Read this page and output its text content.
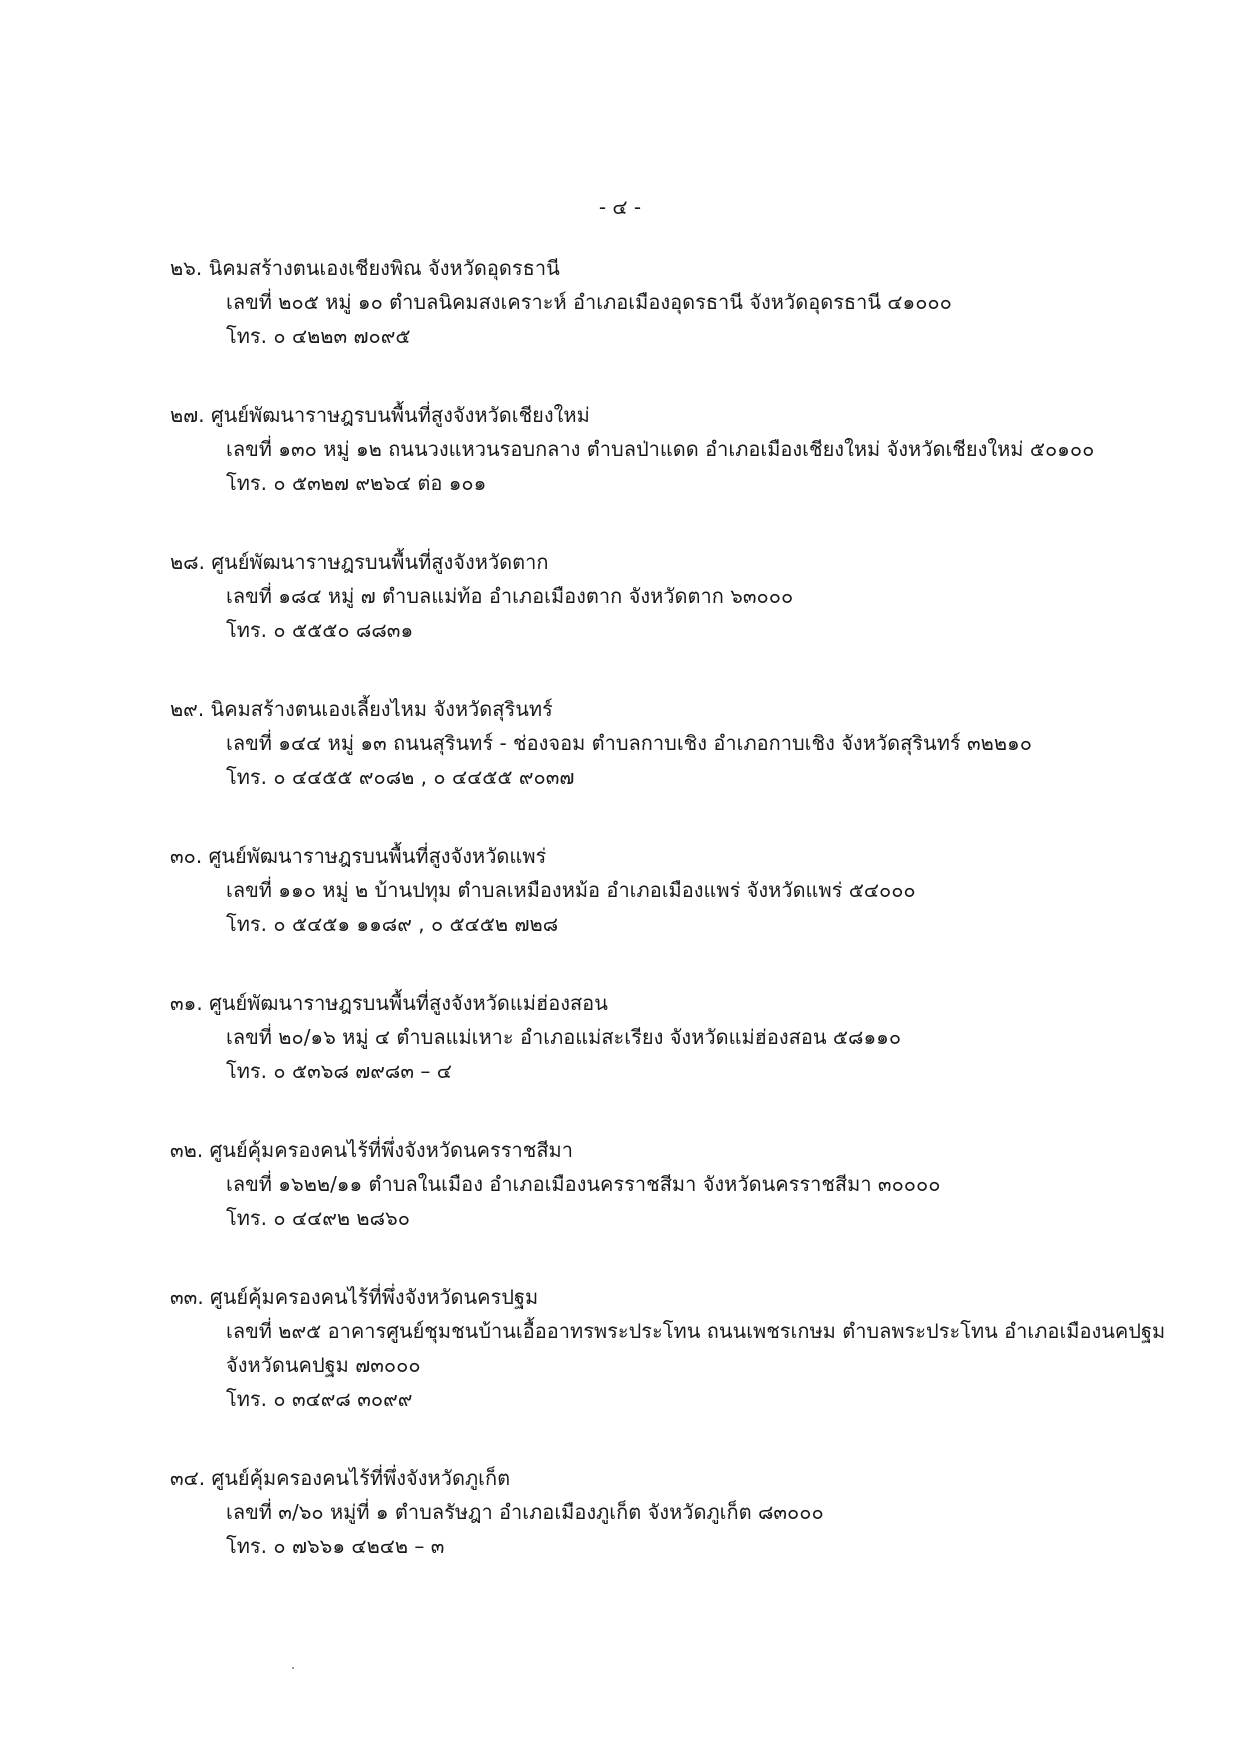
- ๔ -
๒๖. นิคมสร้างตนเองเชียงพิณ จังหวัดอุดรธานี
เลขที่ ๒๐๕ หมู่ ๑๐ ตำบลนิคมสงเคราะห์ อำเภอเมืองอุดรธานี จังหวัดอุดรธานี ๔๑๐๐๐
โทร. ๐ ๔๒๒๓ ๗๐๙๕
๒๗. ศูนย์พัฒนาราษฎรบนพื้นที่สูงจังหวัดเชียงใหม่
เลขที่ ๑๓๐ หมู่ ๑๒ ถนนวงแหวนรอบกลาง ตำบลป่าแดด อำเภอเมืองเชียงใหม่ จังหวัดเชียงใหม่ ๕๐๑๐๐
โทร. ๐ ๕๓๒๗ ๙๒๖๔ ต่อ ๑๐๑
๒๘. ศูนย์พัฒนาราษฎรบนพื้นที่สูงจังหวัดตาก
เลขที่ ๑๘๔ หมู่ ๗ ตำบลแม่ท้อ อำเภอเมืองตาก จังหวัดตาก ๖๓๐๐๐
โทร. ๐ ๕๕๕๐ ๘๘๓๑
๒๙. นิคมสร้างตนเองเลี้ยงไหม จังหวัดสุรินทร์
เลขที่ ๑๔๔ หมู่ ๑๓ ถนนสุรินทร์ - ช่องจอม ตำบลกาบเชิง อำเภอกาบเชิง จังหวัดสุรินทร์ ๓๒๒๑๐
โทร. ๐ ๔๔๕๕ ๙๐๘๒ , ๐ ๔๔๕๕ ๙๐๓๗
๓๐. ศูนย์พัฒนาราษฎรบนพื้นที่สูงจังหวัดแพร่
เลขที่ ๑๑๐ หมู่ ๒ บ้านปทุม ตำบลเหมืองหม้อ อำเภอเมืองแพร่ จังหวัดแพร่ ๕๔๐๐๐
โทร. ๐ ๕๔๕๑ ๑๑๘๙ , ๐ ๕๔๕๒ ๗๒๘
๓๑. ศูนย์พัฒนาราษฎรบนพื้นที่สูงจังหวัดแม่ฮ่องสอน
เลขที่ ๒๐/๑๖ หมู่ ๔ ตำบลแม่เหาะ อำเภอแม่สะเรียง จังหวัดแม่ฮ่องสอน ๕๘๑๑๐
โทร. ๐ ๕๓๖๘ ๗๙๘๓ – ๔
๓๒. ศูนย์คุ้มครองคนไร้ที่พึ่งจังหวัดนครราชสีมา
เลขที่ ๑๖๒๒/๑๑ ตำบลในเมือง อำเภอเมืองนครราชสีมา จังหวัดนครราชสีมา ๓๐๐๐๐
โทร. ๐ ๔๔๙๒ ๒๘๖๐
๓๓. ศูนย์คุ้มครองคนไร้ที่พึ่งจังหวัดนครปฐม
เลขที่ ๒๙๕ อาคารศูนย์ชุมชนบ้านเอื้ออาทรพระประโทน ถนนเพชรเกษม ตำบลพระประโทน อำเภอเมืองนคปฐม
จังหวัดนคปฐม ๗๓๐๐๐
โทร. ๐ ๓๔๙๘ ๓๐๙๙
๓๔. ศูนย์คุ้มครองคนไร้ที่พึ่งจังหวัดภูเก็ต
เลขที่ ๓/๖๐ หมู่ที่ ๑ ตำบลรัษฎา อำเภอเมืองภูเก็ต จังหวัดภูเก็ต ๘๓๐๐๐
โทร. ๐ ๗๖๖๑ ๔๒๔๒ – ๓
